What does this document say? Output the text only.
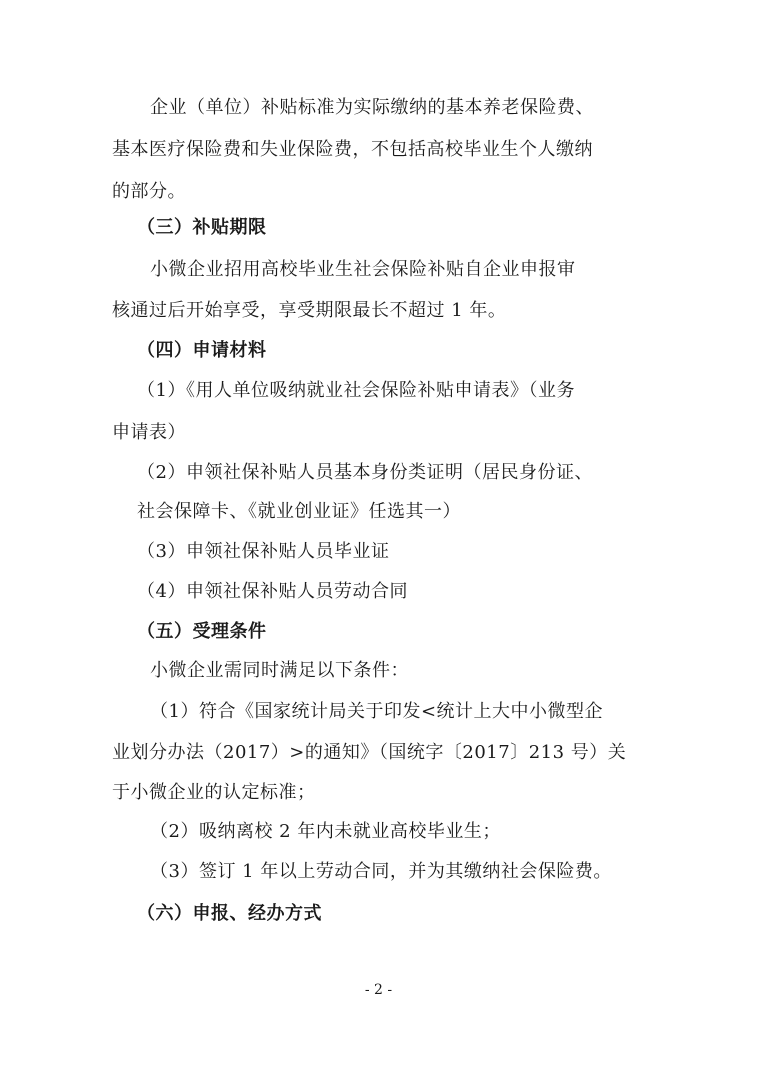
企业（单位）补贴标准为实际缴纳的基本养老保险费、
基本医疗保险费和失业保险费，不包括高校毕业生个人缴纳
的部分。
（三）补贴期限
小微企业招用高校毕业生社会保险补贴自企业申报审
核通过后开始享受，享受期限最长不超过 1 年。
（四）申请材料
（1）《用人单位吸纳就业社会保险补贴申请表》（业务
申请表）
（2）申领社保补贴人员基本身份类证明（居民身份证、
社会保障卡、《就业创业证》任选其一）
（3）申领社保补贴人员毕业证
（4）申领社保补贴人员劳动合同
（五）受理条件
小微企业需同时满足以下条件：
（1）符合《国家统计局关于印发<统计上大中小微型企
业划分办法（2017）>的通知》（国统字〔2017〕213 号）关
于小微企业的认定标准；
（2）吸纳离校 2 年内未就业高校毕业生；
（3）签订 1 年以上劳动合同，并为其缴纳社会保险费。
（六）申报、经办方式
- 2 -
